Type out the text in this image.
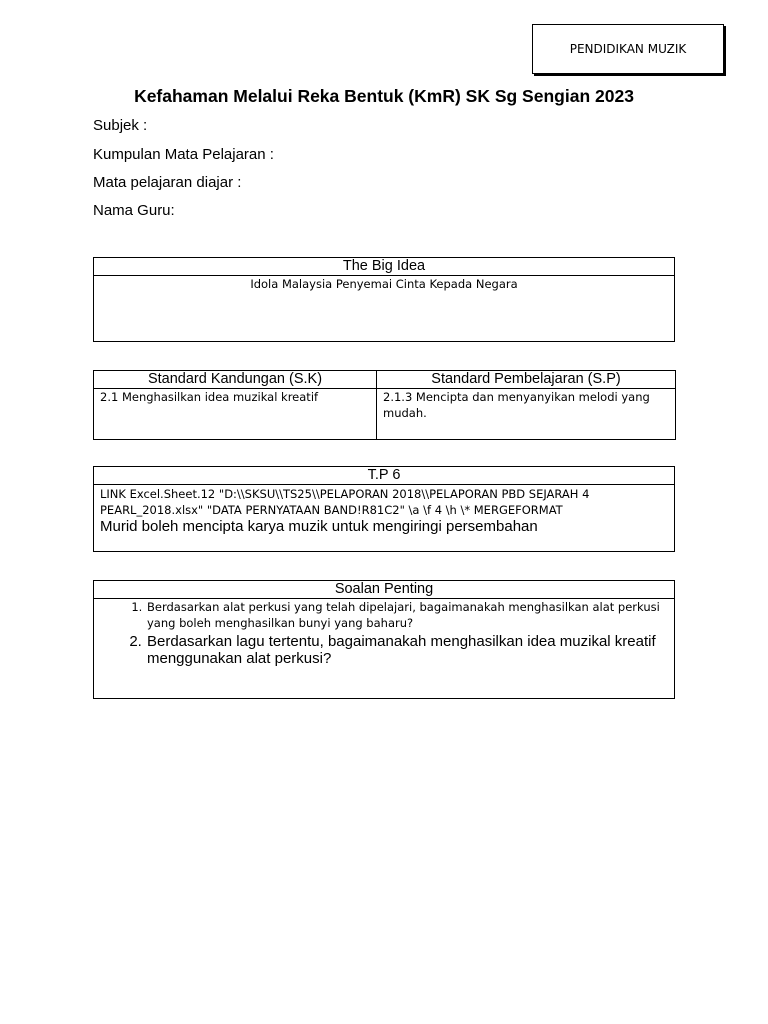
PENDIDIKAN MUZIK
Kefahaman Melalui Reka Bentuk (KmR) SK Sg Sengian 2023
Subjek :
Kumpulan Mata Pelajaran :
Mata pelajaran diajar :
Nama Guru:
The Big Idea

Idola Malaysia Penyemai Cinta Kepada Negara
Standard Kandungan (S.K)	Standard Pembelajaran (S.P)

2.1 Menghasilkan idea muzikal kreatif	2.1.3 Mencipta dan menyanyikan melodi yang mudah.
T.P 6

LINK Excel.Sheet.12 "D:\\SKSU\\TS25\\PELAPORAN 2018\\PELAPORAN PBD SEJARAH 4 PEARL_2018.xlsx" "DATA PERNYATAAN BAND!R81C2" \a \f 4 \h \* MERGEFORMAT
Murid boleh mencipta karya muzik untuk mengiringi persembahan
Soalan Penting

1. Berdasarkan alat perkusi yang telah dipelajari, bagaimanakah menghasilkan alat perkusi yang boleh menghasilkan bunyi yang baharu?
2. Berdasarkan lagu tertentu, bagaimanakah menghasilkan idea muzikal kreatif menggunakan alat perkusi?
